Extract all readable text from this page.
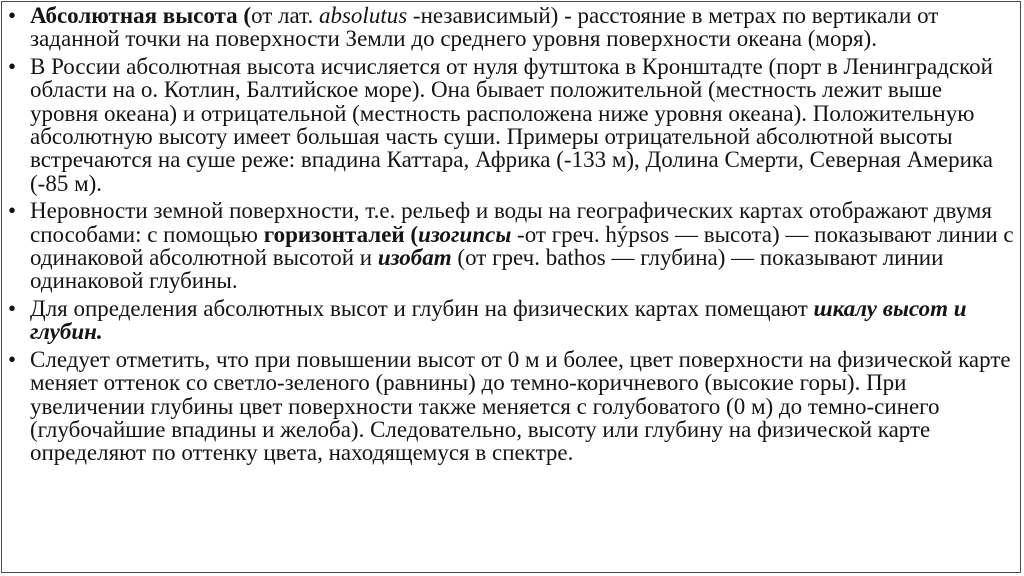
• Абсолютная высота (от лат. absolutus -независимый) - расстояние в метрах по вертикали от заданной точки на поверхности Земли до среднего уровня поверхности океана (моря).
• В России абсолютная высота исчисляется от нуля футштока в Кронштадте (порт в Ленинградской области на о. Котлин, Балтийское море). Она бывает положительной (местность лежит выше уровня океана) и отрицательной (местность расположена ниже уровня океана). Положительную абсолютную высоту имеет большая часть суши. Примеры отрицательной абсолютной высоты встречаются на суше реже: впадина Каттара, Африка (-133 м), Долина Смерти, Северная Америка (-85 м).
• Неровности земной поверхности, т.е. рельеф и воды на географических картах отображают двумя способами: с помощью горизонталей (изогипсы -от греч. hýpsos — высота) — показывают линии с одинаковой абсолютной высотой и изобат (от греч. bathos — глубина) — показывают линии одинаковой глубины.
• Для определения абсолютных высот и глубин на физических картах помещают шкалу высот и глубин.
• Следует отметить, что при повышении высот от 0 м и более, цвет поверхности на физической карте меняет оттенок со светло-зеленого (равнины) до темно-коричневого (высокие горы). При увеличении глубины цвет поверхности также меняется с голубоватого (0 м) до темно-синего (глубочайшие впадины и желоба). Следовательно, высоту или глубину на физической карте определяют по оттенку цвета, находящемуся в спектре.
